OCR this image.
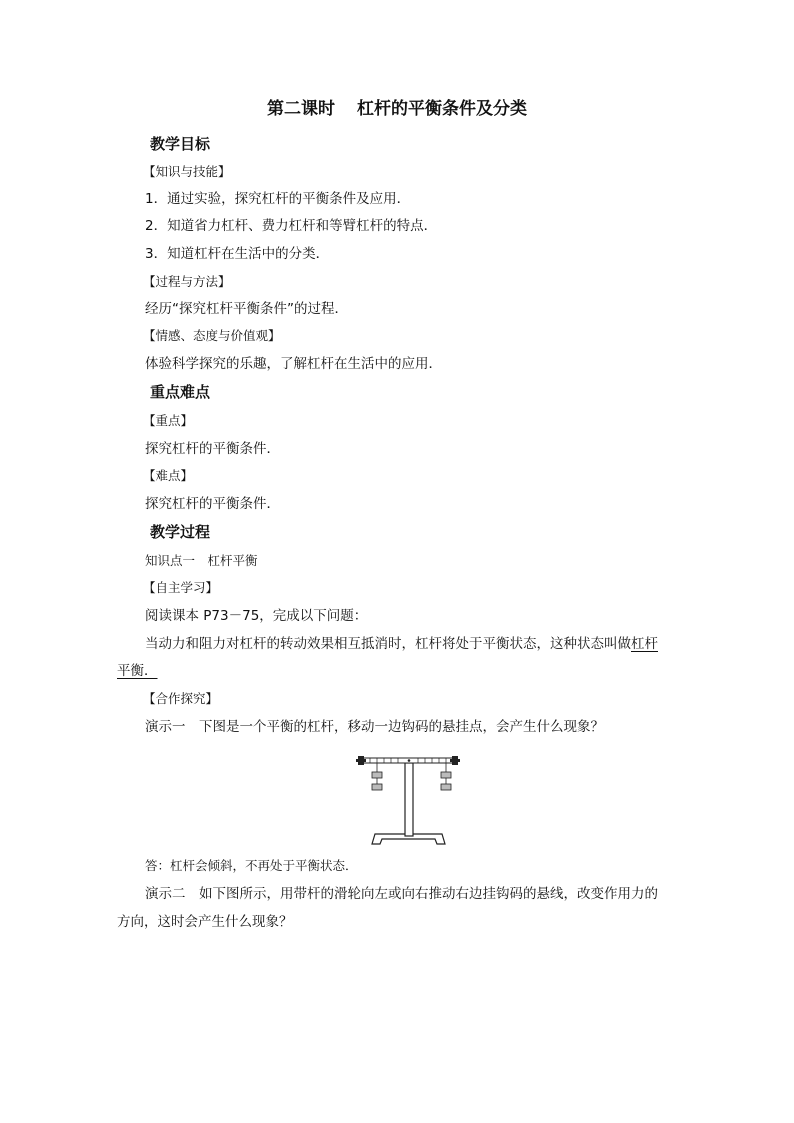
第二课时 杠杆的平衡条件及分类
教学目标
【知识与技能】
1．通过实验，探究杠杆的平衡条件及应用．
2．知道省力杠杆、费力杠杆和等臂杠杆的特点．
3．知道杠杆在生活中的分类．
【过程与方法】
经历“探究杠杆平衡条件”的过程．
【情感、态度与价值观】
体验科学探究的乐趣，了解杠杆在生活中的应用．
重点难点
【重点】
探究杠杆的平衡条件．
【难点】
探究杠杆的平衡条件．
教学过程
知识点一　杠杆平衡
【自主学习】
阅读课本 P73－75，完成以下问题：
当动力和阻力对杠杆的转动效果相互抵消时，杠杆将处于平衡状态，这种状态叫做杠杆
平衡．
【合作探究】
演示一　下图是一个平衡的杠杆，移动一边钩码的悬挂点，会产生什么现象？
答：杠杆会倾斜，不再处于平衡状态．
演示二　如下图所示，用带杆的滑轮向左或向右推动右边挂钩码的悬线，改变作用力的
方向，这时会产生什么现象？
